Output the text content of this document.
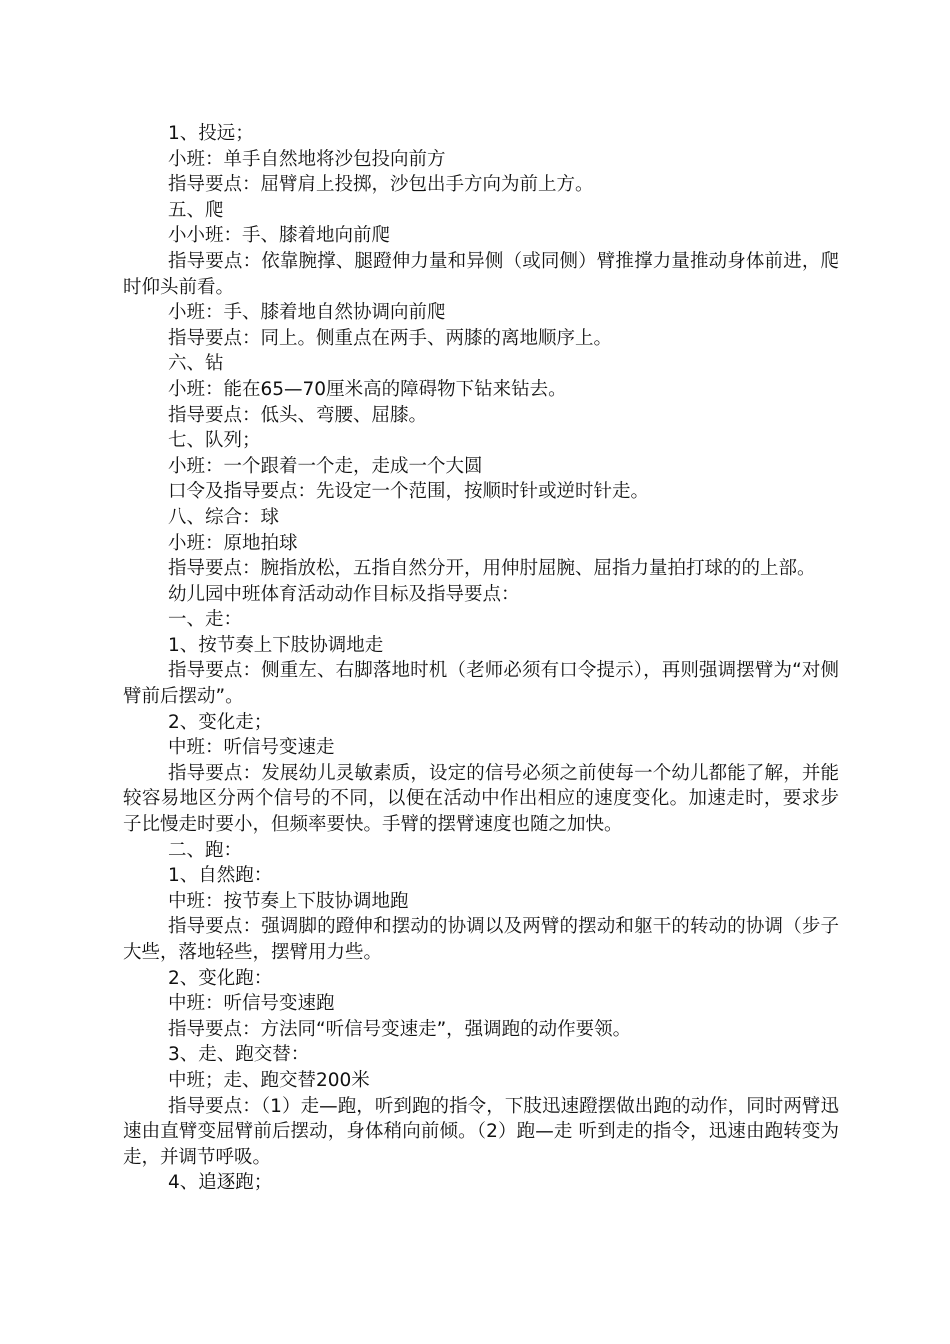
1、投远；

小班：单手自然地将沙包投向前方

指导要点：屈臂肩上投掷，沙包出手方向为前上方。

五、爬

小小班：手、膝着地向前爬

指导要点：依靠腕撑、腿蹬伸力量和异侧（或同侧）臂推撑力量推动身体前进，爬时仰头前看。

小班：手、膝着地自然协调向前爬

指导要点：同上。侧重点在两手、两膝的离地顺序上。

六、钻

小班：能在65—70厘米高的障碍物下钻来钻去。

指导要点：低头、弯腰、屈膝。

七、队列；

小班：一个跟着一个走，走成一个大圆

口令及指导要点：先设定一个范围，按顺时针或逆时针走。

八、综合：球

小班：原地拍球

指导要点：腕指放松，五指自然分开，用伸肘屈腕、屈指力量拍打球的的上部。

幼儿园中班体育活动动作目标及指导要点：

一、走：

1、按节奏上下肢协调地走

指导要点：侧重左、右脚落地时机（老师必须有口令提示），再则强调摆臂为“对侧臂前后摆动”。

2、变化走；

中班：听信号变速走

指导要点：发展幼儿灵敏素质，设定的信号必须之前使每一个幼儿都能了解，并能较容易地区分两个信号的不同，以便在活动中作出相应的速度变化。加速走时，要求步子比慢走时要小，但频率要快。手臂的摆臂速度也随之加快。

二、跑：

1、自然跑：

中班：按节奏上下肢协调地跑

指导要点：强调脚的蹬伸和摆动的协调以及两臂的摆动和躯干的转动的协调（步子大些，落地轻些，摆臂用力些。

2、变化跑：

中班：听信号变速跑

指导要点：方法同“听信号变速走”，强调跑的动作要领。

3、走、跑交替：

中班；走、跑交替200米

指导要点：（1）走—跑，听到跑的指令，下肢迅速蹬摆做出跑的动作，同时两臂迅速由直臂变屈臂前后摆动，身体稍向前倾。（2）跑—走 听到走的指令，迅速由跑转变为走，并调节呼吸。

4、追逐跑；
